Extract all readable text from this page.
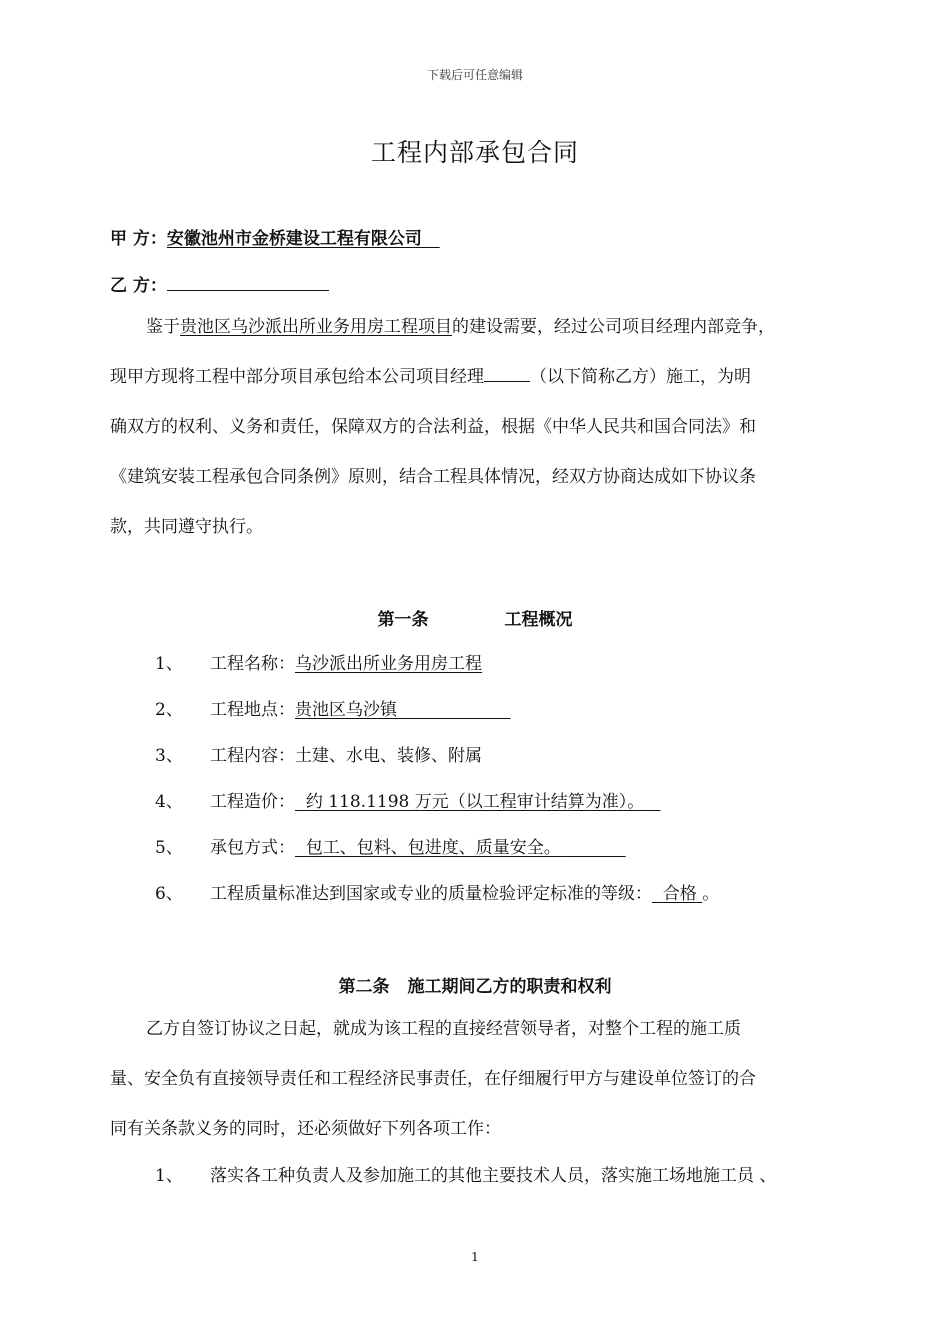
下载后可任意编辑
工程内部承包合同
甲 方：安徽池州市金桥建设工程有限公司
乙 方：
鉴于贵池区乌沙派出所业务用房工程项目的建设需要，经过公司项目经理内部竞争，
现甲方现将工程中部分项目承包给本公司项目经理	（以下简称乙方）施工，为明
确双方的权利、义务和责任，保障双方的合法利益，根据《中华人民共和国合同法》和
《建筑安装工程承包合同条例》原则，结合工程具体情况，经双方协商达成如下协议条
款，共同遵守执行。
第一条	工程概况
1、 工程名称：乌沙派出所业务用房工程
2、 工程地点：贵池区乌沙镇
3、 工程内容：土建、水电、装修、附属
4、 工程造价： 约 118.1198 万元（以工程审计结算为准）。
5、 承包方式： 包工、包料、包进度、质量安全。
6、 工程质量标准达到国家或专业的质量检验评定标准的等级： 合格 。
第二条 施工期间乙方的职责和权利
乙方自签订协议之日起，就成为该工程的直接经营领导者，对整个工程的施工质
量、安全负有直接领导责任和工程经济民事责任，在仔细履行甲方与建设单位签订的合
同有关条款义务的同时，还必须做好下列各项工作：
1、 落实各工种负责人及参加施工的其他主要技术人员，落实施工场地施工员 、
1
